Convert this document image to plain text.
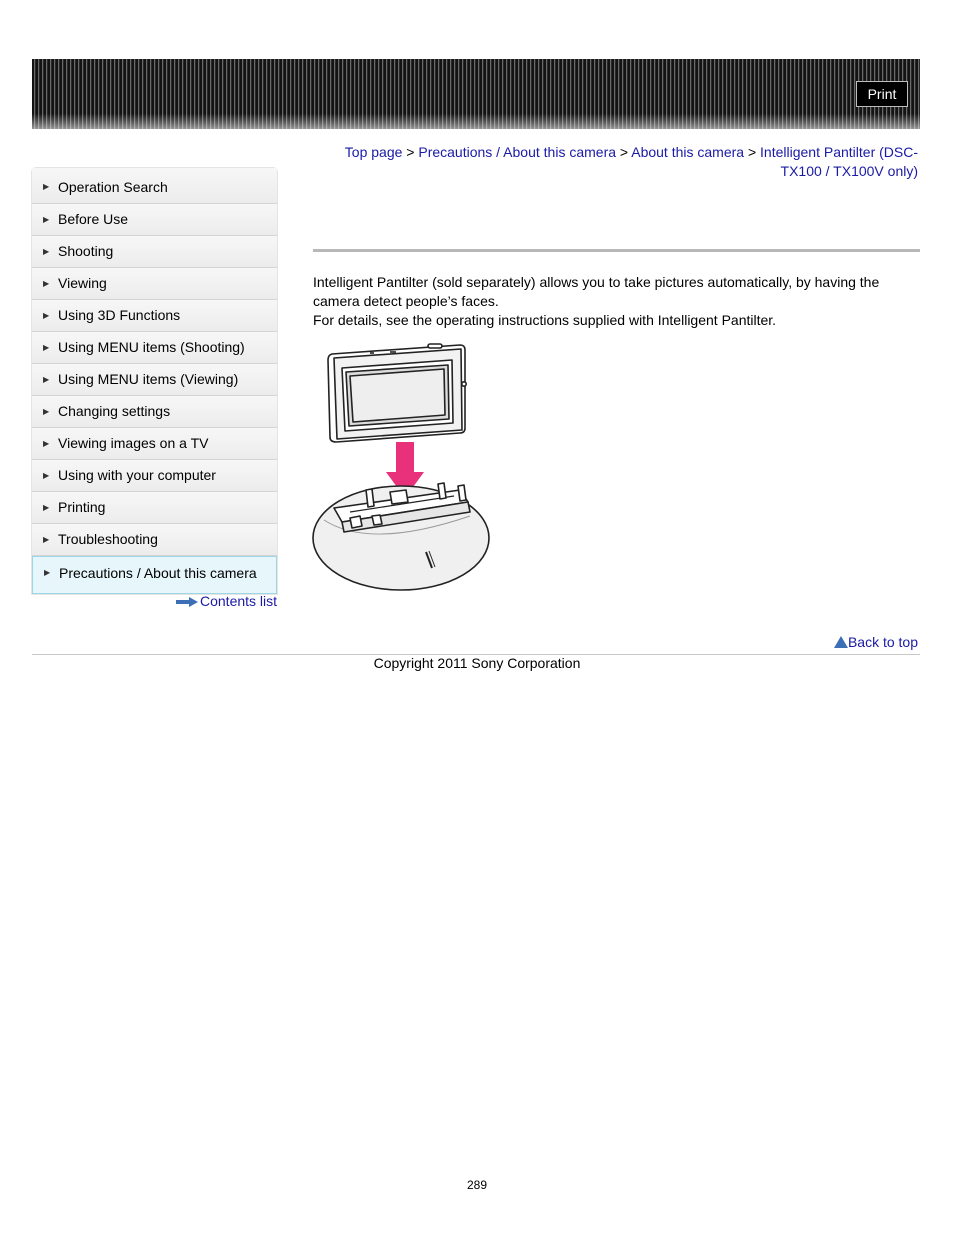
Print
▶ Operation Search
▶ Before Use
▶ Shooting
▶ Viewing
▶ Using 3D Functions
▶ Using MENU items (Shooting)
▶ Using MENU items (Viewing)
▶ Changing settings
▶ Viewing images on a TV
▶ Using with your computer
▶ Printing
▶ Troubleshooting
▶ Precautions / About this camera
Contents list
Top page > Precautions / About this camera > About this camera > Intelligent Pantilter (DSC-TX100 / TX100V only)

Intelligent Pantilter (sold separately) allows you to take pictures automatically, by having the camera detect people’s faces.

For details, see the operating instructions supplied with Intelligent Pantilter.

Back to top
Copyright 2011 Sony Corporation
289
